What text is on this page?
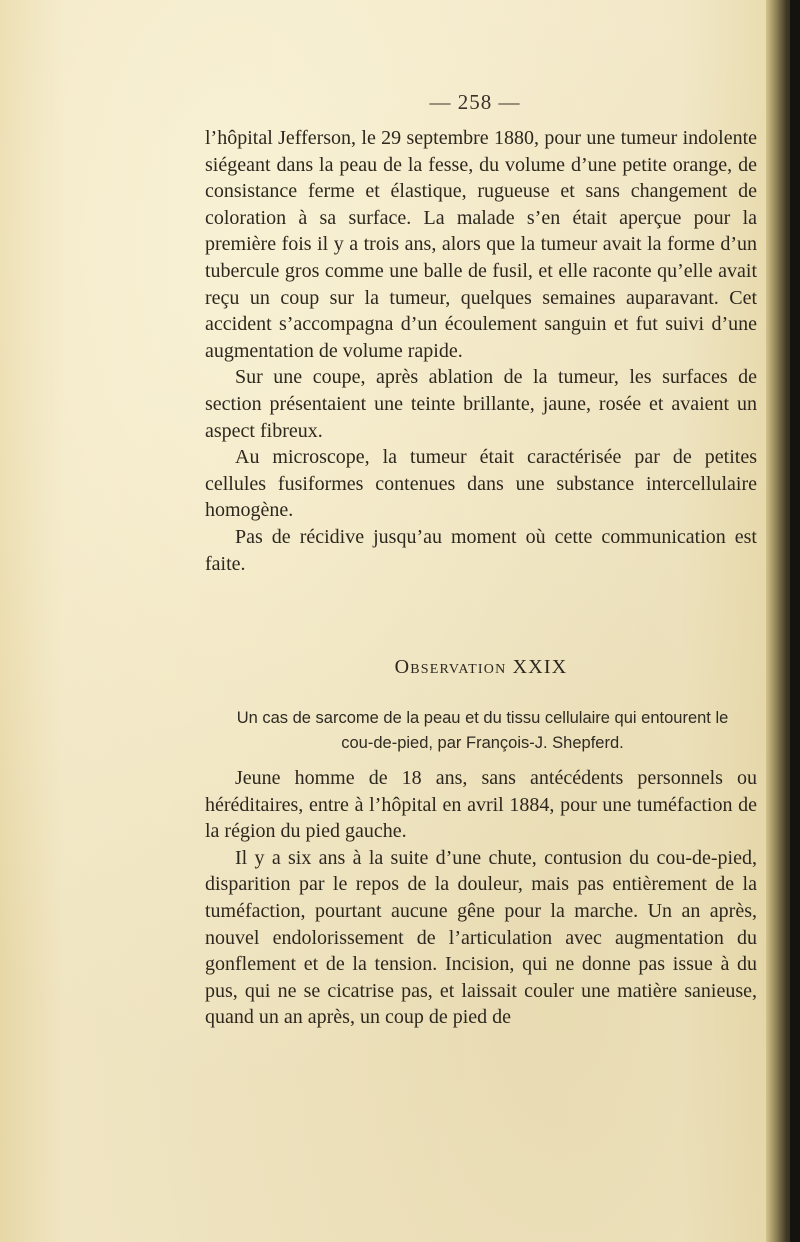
— 258 —

l’hôpital Jefferson, le 29 septembre 1880, pour une tumeur indolente siégeant dans la peau de la fesse, du volume d’une petite orange, de consistance ferme et élastique, rugueuse et sans changement de coloration à sa surface. La malade s’en était aperçue pour la première fois il y a trois ans, alors que la tumeur avait la forme d’un tubercule gros comme une balle de fusil, et elle raconte qu’elle avait reçu un coup sur la tumeur, quelques semaines auparavant. Cet accident s’accompagna d’un écoulement sanguin et fut suivi d’une augmentation de volume rapide.

Sur une coupe, après ablation de la tumeur, les surfaces de section présentaient une teinte brillante, jaune, rosée et avaient un aspect fibreux.

Au microscope, la tumeur était caractérisée par de petites cellules fusiformes contenues dans une substance intercellulaire homogène.

Pas de récidive jusqu’au moment où cette communication est faite.

Observation XXIX
Un cas de sarcome de la peau et du tissu cellulaire qui entourent le cou-de-pied, par François-J. Shepferd.

Jeune homme de 18 ans, sans antécédents personnels ou héréditaires, entre à l’hôpital en avril 1884, pour une tuméfaction de la région du pied gauche.

Il y a six ans à la suite d’une chute, contusion du cou-de-pied, disparition par le repos de la douleur, mais pas entièrement de la tuméfaction, pourtant aucune gêne pour la marche. Un an après, nouvel endolorissement de l’articulation avec augmentation du gonflement et de la tension. Incision, qui ne donne pas issue à du pus, qui ne se cicatrise pas, et laissait couler une matière sanieuse, quand un an après, un coup de pied de
